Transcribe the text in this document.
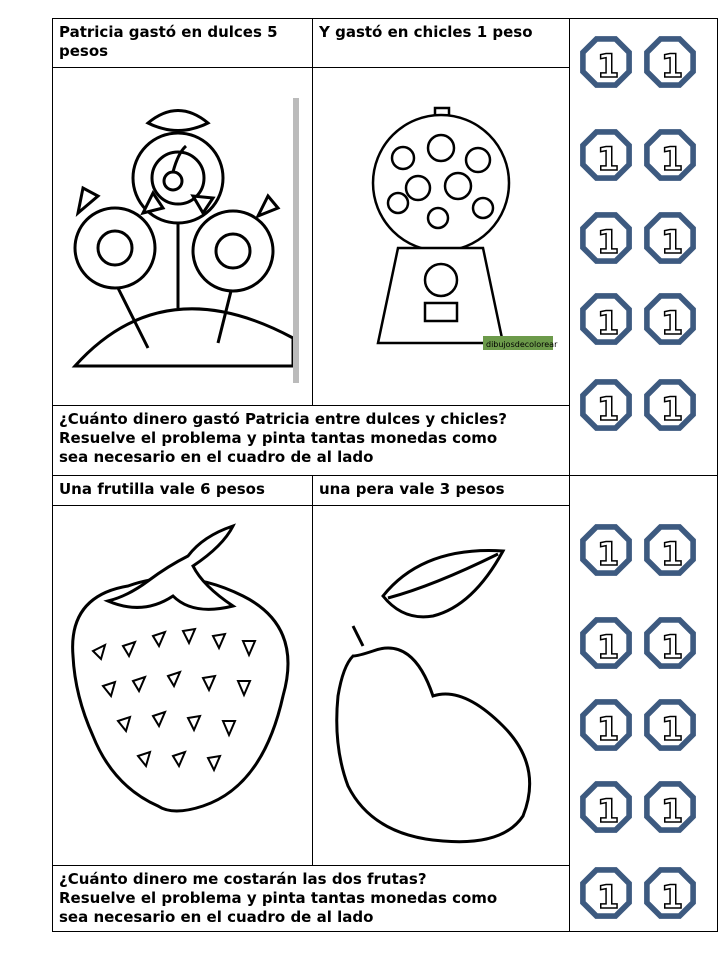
Patricia gastó en dulces 5 pesos
Y gastó en chicles 1 peso
dibujosdecolorear
¿Cuánto dinero gastó Patricia entre dulces y chicles?
Resuelve el problema y pinta tantas monedas como
sea necesario en el cuadro de al lado
Una frutilla vale 6 pesos	una pera vale 3 pesos
¿Cuánto dinero me costarán las dos frutas?
Resuelve el problema y pinta tantas monedas como
sea necesario en el cuadro de al lado
1 1
1 1
1 1
1 1
1 1
1 1
1 1
1 1
1 1
1 1
